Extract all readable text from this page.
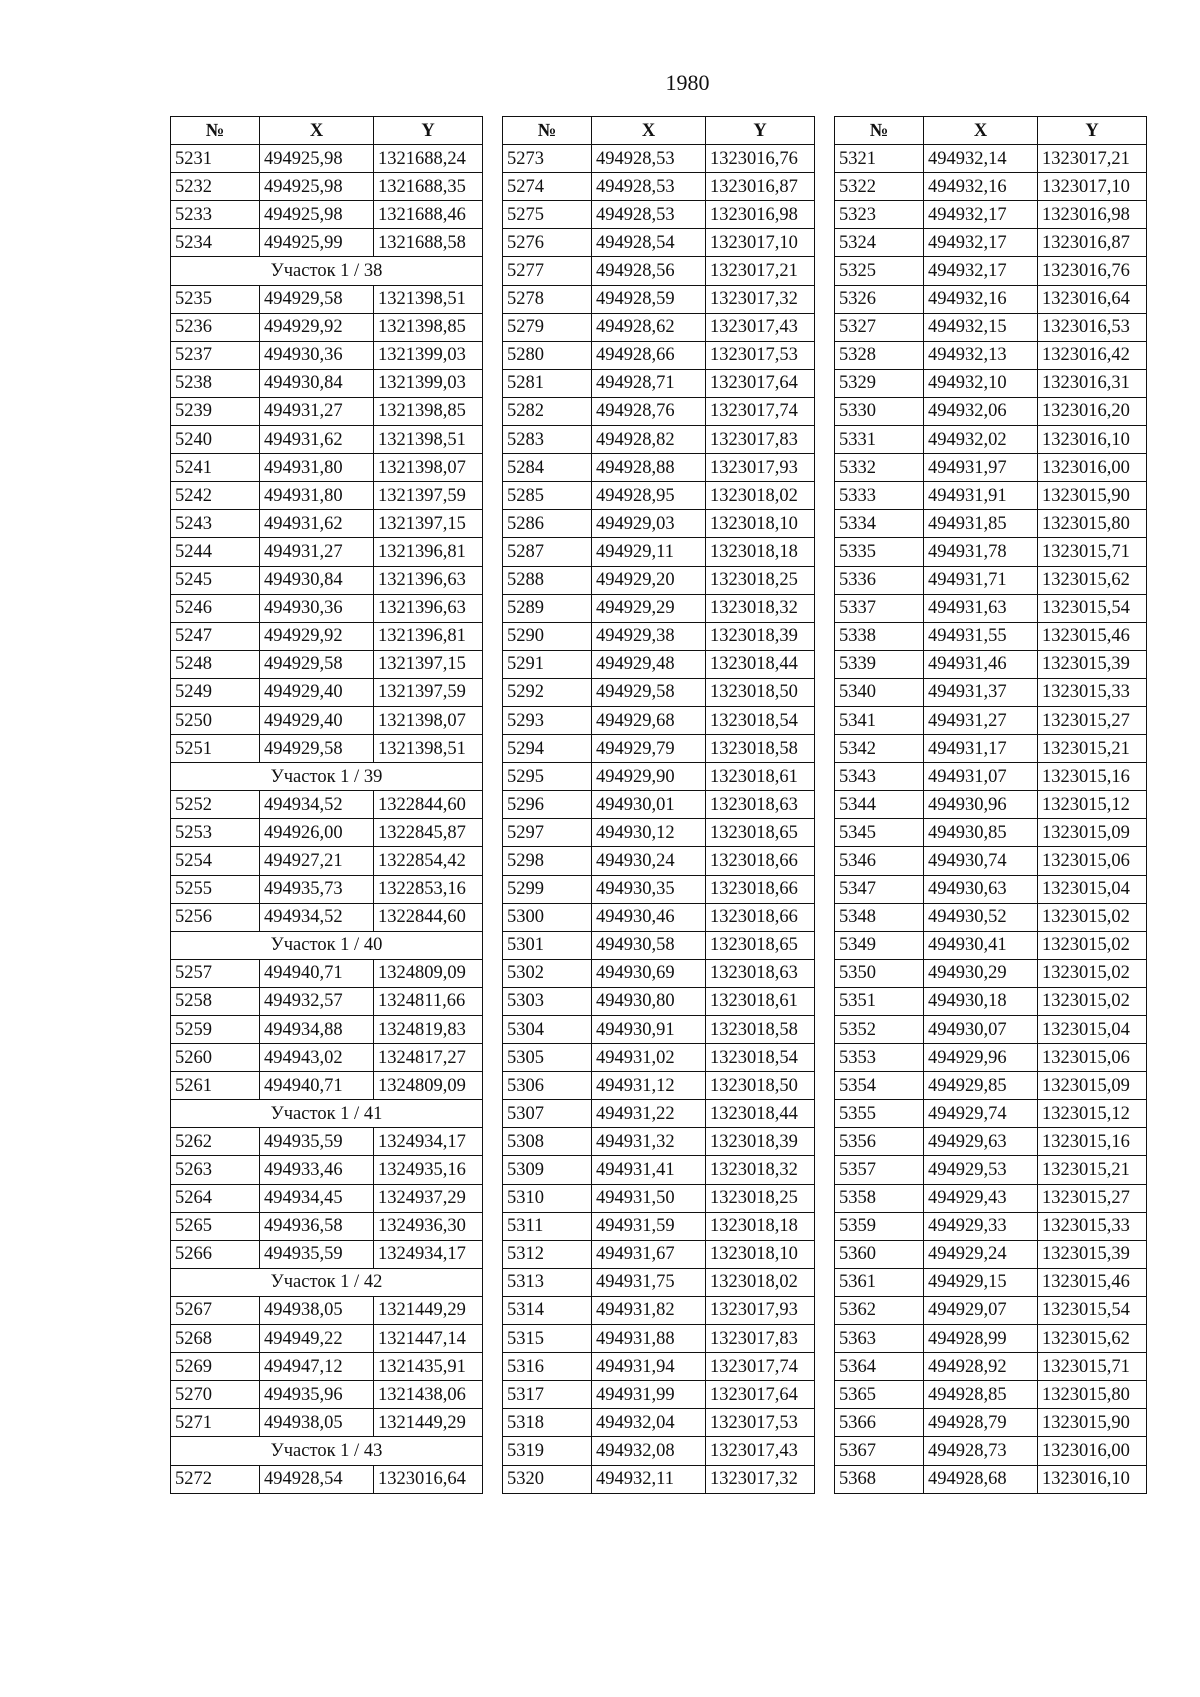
1980
№	X	Y
5231	494925,98	1321688,24
5232	494925,98	1321688,35
5233	494925,98	1321688,46
5234	494925,99	1321688,58
Участок 1 / 38		
5235	494929,58	1321398,51
5236	494929,92	1321398,85
5237	494930,36	1321399,03
5238	494930,84	1321399,03
5239	494931,27	1321398,85
5240	494931,62	1321398,51
5241	494931,80	1321398,07
5242	494931,80	1321397,59
5243	494931,62	1321397,15
5244	494931,27	1321396,81
5245	494930,84	1321396,63
5246	494930,36	1321396,63
5247	494929,92	1321396,81
5248	494929,58	1321397,15
5249	494929,40	1321397,59
5250	494929,40	1321398,07
5251	494929,58	1321398,51
Участок 1 / 39		
5252	494934,52	1322844,60
5253	494926,00	1322845,87
5254	494927,21	1322854,42
5255	494935,73	1322853,16
5256	494934,52	1322844,60
Участок 1 / 40		
5257	494940,71	1324809,09
5258	494932,57	1324811,66
5259	494934,88	1324819,83
5260	494943,02	1324817,27
5261	494940,71	1324809,09
Участок 1 / 41		
5262	494935,59	1324934,17
5263	494933,46	1324935,16
5264	494934,45	1324937,29
5265	494936,58	1324936,30
5266	494935,59	1324934,17
Участок 1 / 42		
5267	494938,05	1321449,29
5268	494949,22	1321447,14
5269	494947,12	1321435,91
5270	494935,96	1321438,06
5271	494938,05	1321449,29
Участок 1 / 43		
5272	494928,54	1323016,64
№	X	Y
5273	494928,53	1323016,76
5274	494928,53	1323016,87
5275	494928,53	1323016,98
5276	494928,54	1323017,10
5277	494928,56	1323017,21
5278	494928,59	1323017,32
5279	494928,62	1323017,43
5280	494928,66	1323017,53
5281	494928,71	1323017,64
5282	494928,76	1323017,74
5283	494928,82	1323017,83
5284	494928,88	1323017,93
5285	494928,95	1323018,02
5286	494929,03	1323018,10
5287	494929,11	1323018,18
5288	494929,20	1323018,25
5289	494929,29	1323018,32
5290	494929,38	1323018,39
5291	494929,48	1323018,44
5292	494929,58	1323018,50
5293	494929,68	1323018,54
5294	494929,79	1323018,58
5295	494929,90	1323018,61
5296	494930,01	1323018,63
5297	494930,12	1323018,65
5298	494930,24	1323018,66
5299	494930,35	1323018,66
5300	494930,46	1323018,66
5301	494930,58	1323018,65
5302	494930,69	1323018,63
5303	494930,80	1323018,61
5304	494930,91	1323018,58
5305	494931,02	1323018,54
5306	494931,12	1323018,50
5307	494931,22	1323018,44
5308	494931,32	1323018,39
5309	494931,41	1323018,32
5310	494931,50	1323018,25
5311	494931,59	1323018,18
5312	494931,67	1323018,10
5313	494931,75	1323018,02
5314	494931,82	1323017,93
5315	494931,88	1323017,83
5316	494931,94	1323017,74
5317	494931,99	1323017,64
5318	494932,04	1323017,53
5319	494932,08	1323017,43
5320	494932,11	1323017,32
№	X	Y
5321	494932,14	1323017,21
5322	494932,16	1323017,10
5323	494932,17	1323016,98
5324	494932,17	1323016,87
5325	494932,17	1323016,76
5326	494932,16	1323016,64
5327	494932,15	1323016,53
5328	494932,13	1323016,42
5329	494932,10	1323016,31
5330	494932,06	1323016,20
5331	494932,02	1323016,10
5332	494931,97	1323016,00
5333	494931,91	1323015,90
5334	494931,85	1323015,80
5335	494931,78	1323015,71
5336	494931,71	1323015,62
5337	494931,63	1323015,54
5338	494931,55	1323015,46
5339	494931,46	1323015,39
5340	494931,37	1323015,33
5341	494931,27	1323015,27
5342	494931,17	1323015,21
5343	494931,07	1323015,16
5344	494930,96	1323015,12
5345	494930,85	1323015,09
5346	494930,74	1323015,06
5347	494930,63	1323015,04
5348	494930,52	1323015,02
5349	494930,41	1323015,02
5350	494930,29	1323015,02
5351	494930,18	1323015,02
5352	494930,07	1323015,04
5353	494929,96	1323015,06
5354	494929,85	1323015,09
5355	494929,74	1323015,12
5356	494929,63	1323015,16
5357	494929,53	1323015,21
5358	494929,43	1323015,27
5359	494929,33	1323015,33
5360	494929,24	1323015,39
5361	494929,15	1323015,46
5362	494929,07	1323015,54
5363	494928,99	1323015,62
5364	494928,92	1323015,71
5365	494928,85	1323015,80
5366	494928,79	1323015,90
5367	494928,73	1323016,00
5368	494928,68	1323016,10
